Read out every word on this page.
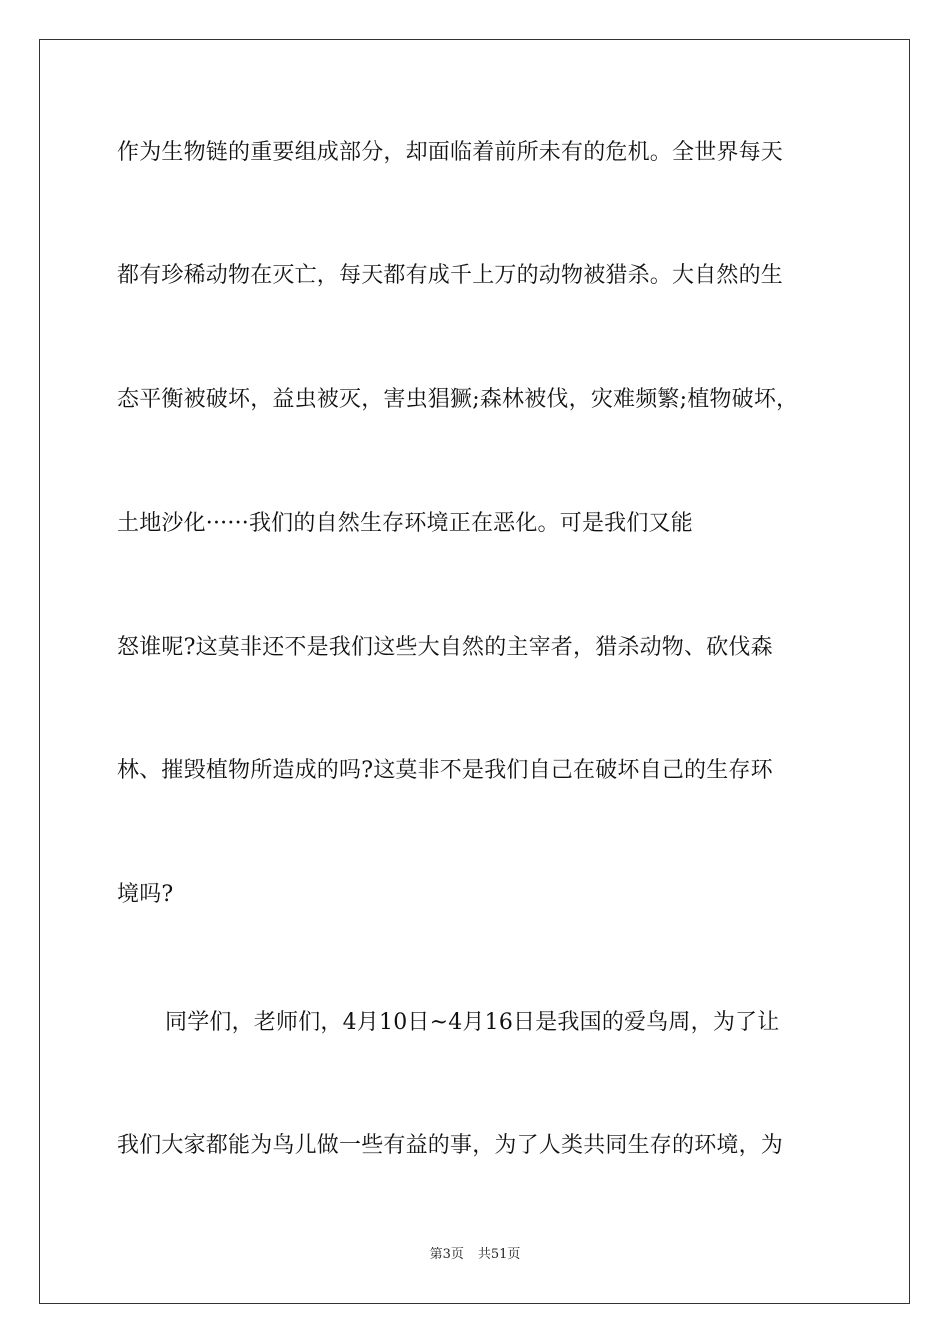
作为生物链的重要组成部分，却面临着前所未有的危机。全世界每天
都有珍稀动物在灭亡，每天都有成千上万的动物被猎杀。大自然的生
态平衡被破坏，益虫被灭，害虫猖獗;森林被伐，灾难频繁;植物破坏，
土地沙化······我们的自然生存环境正在恶化。可是我们又能
怒谁呢?这莫非还不是我们这些大自然的主宰者，猎杀动物、砍伐森
林、摧毁植物所造成的吗?这莫非不是我们自己在破坏自己的生存环
境吗?
同学们，老师们，4月10日~4月16日是我国的爱鸟周，为了让
我们大家都能为鸟儿做一些有益的事，为了人类共同生存的环境，为
第3页 共51页
